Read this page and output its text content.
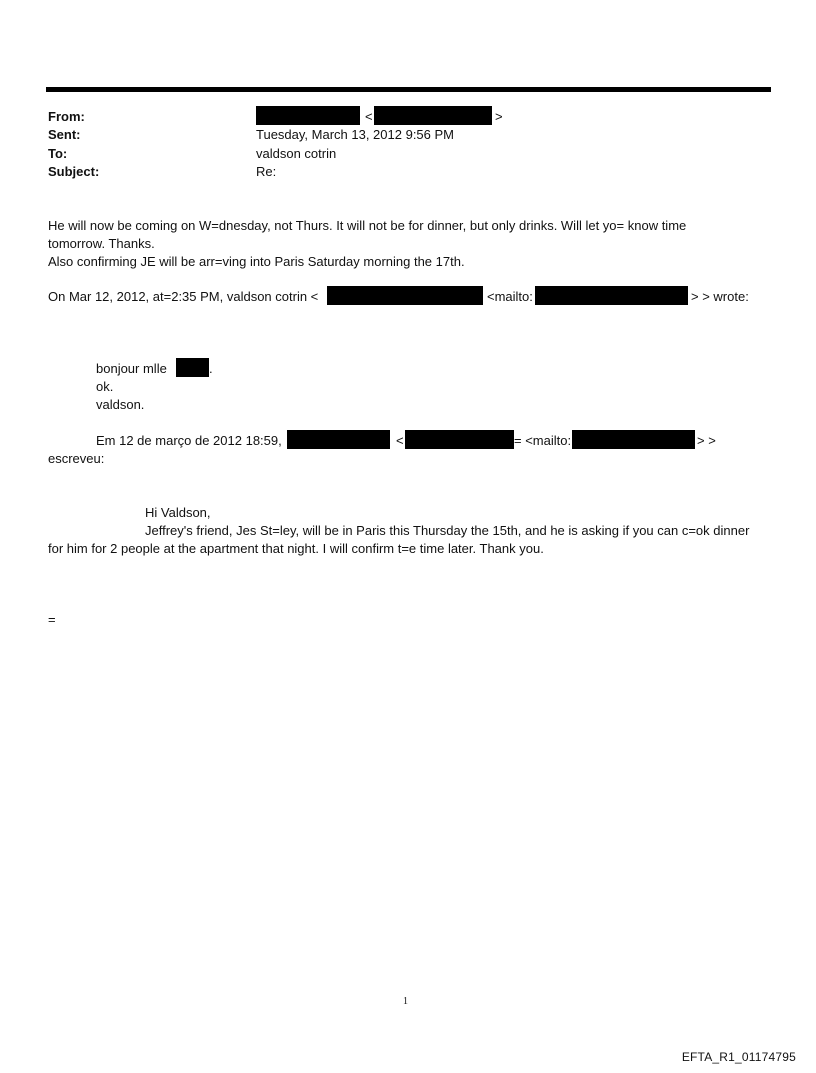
From:	<	>
Sent:	Tuesday, March 13, 2012 9:56 PM
To:	valdson cotrin
Subject:	Re:
He will now be coming on W=dnesday, not Thurs. It will not be for dinner, but only drinks. Will let yo= know time
tomorrow. Thanks.
Also confirming JE will be arr=ving into Paris Saturday morning the 17th.
On Mar 12, 2012, at=2:35 PM, valdson cotrin <	<mailto:	> > wrote:
bonjour mlle	.
ok.
valdson.
Em 12 de março de 2012 18:59,	<	= <mailto:	> >
escreveu:
Hi Valdson,
Jeffrey's friend, Jes St=ley, will be in Paris this Thursday the 15th, and he is asking if you can c=ok dinner
for him for 2 people at the apartment that night. I will confirm t=e time later. Thank you.
=
1
EFTA_R1_01174795
